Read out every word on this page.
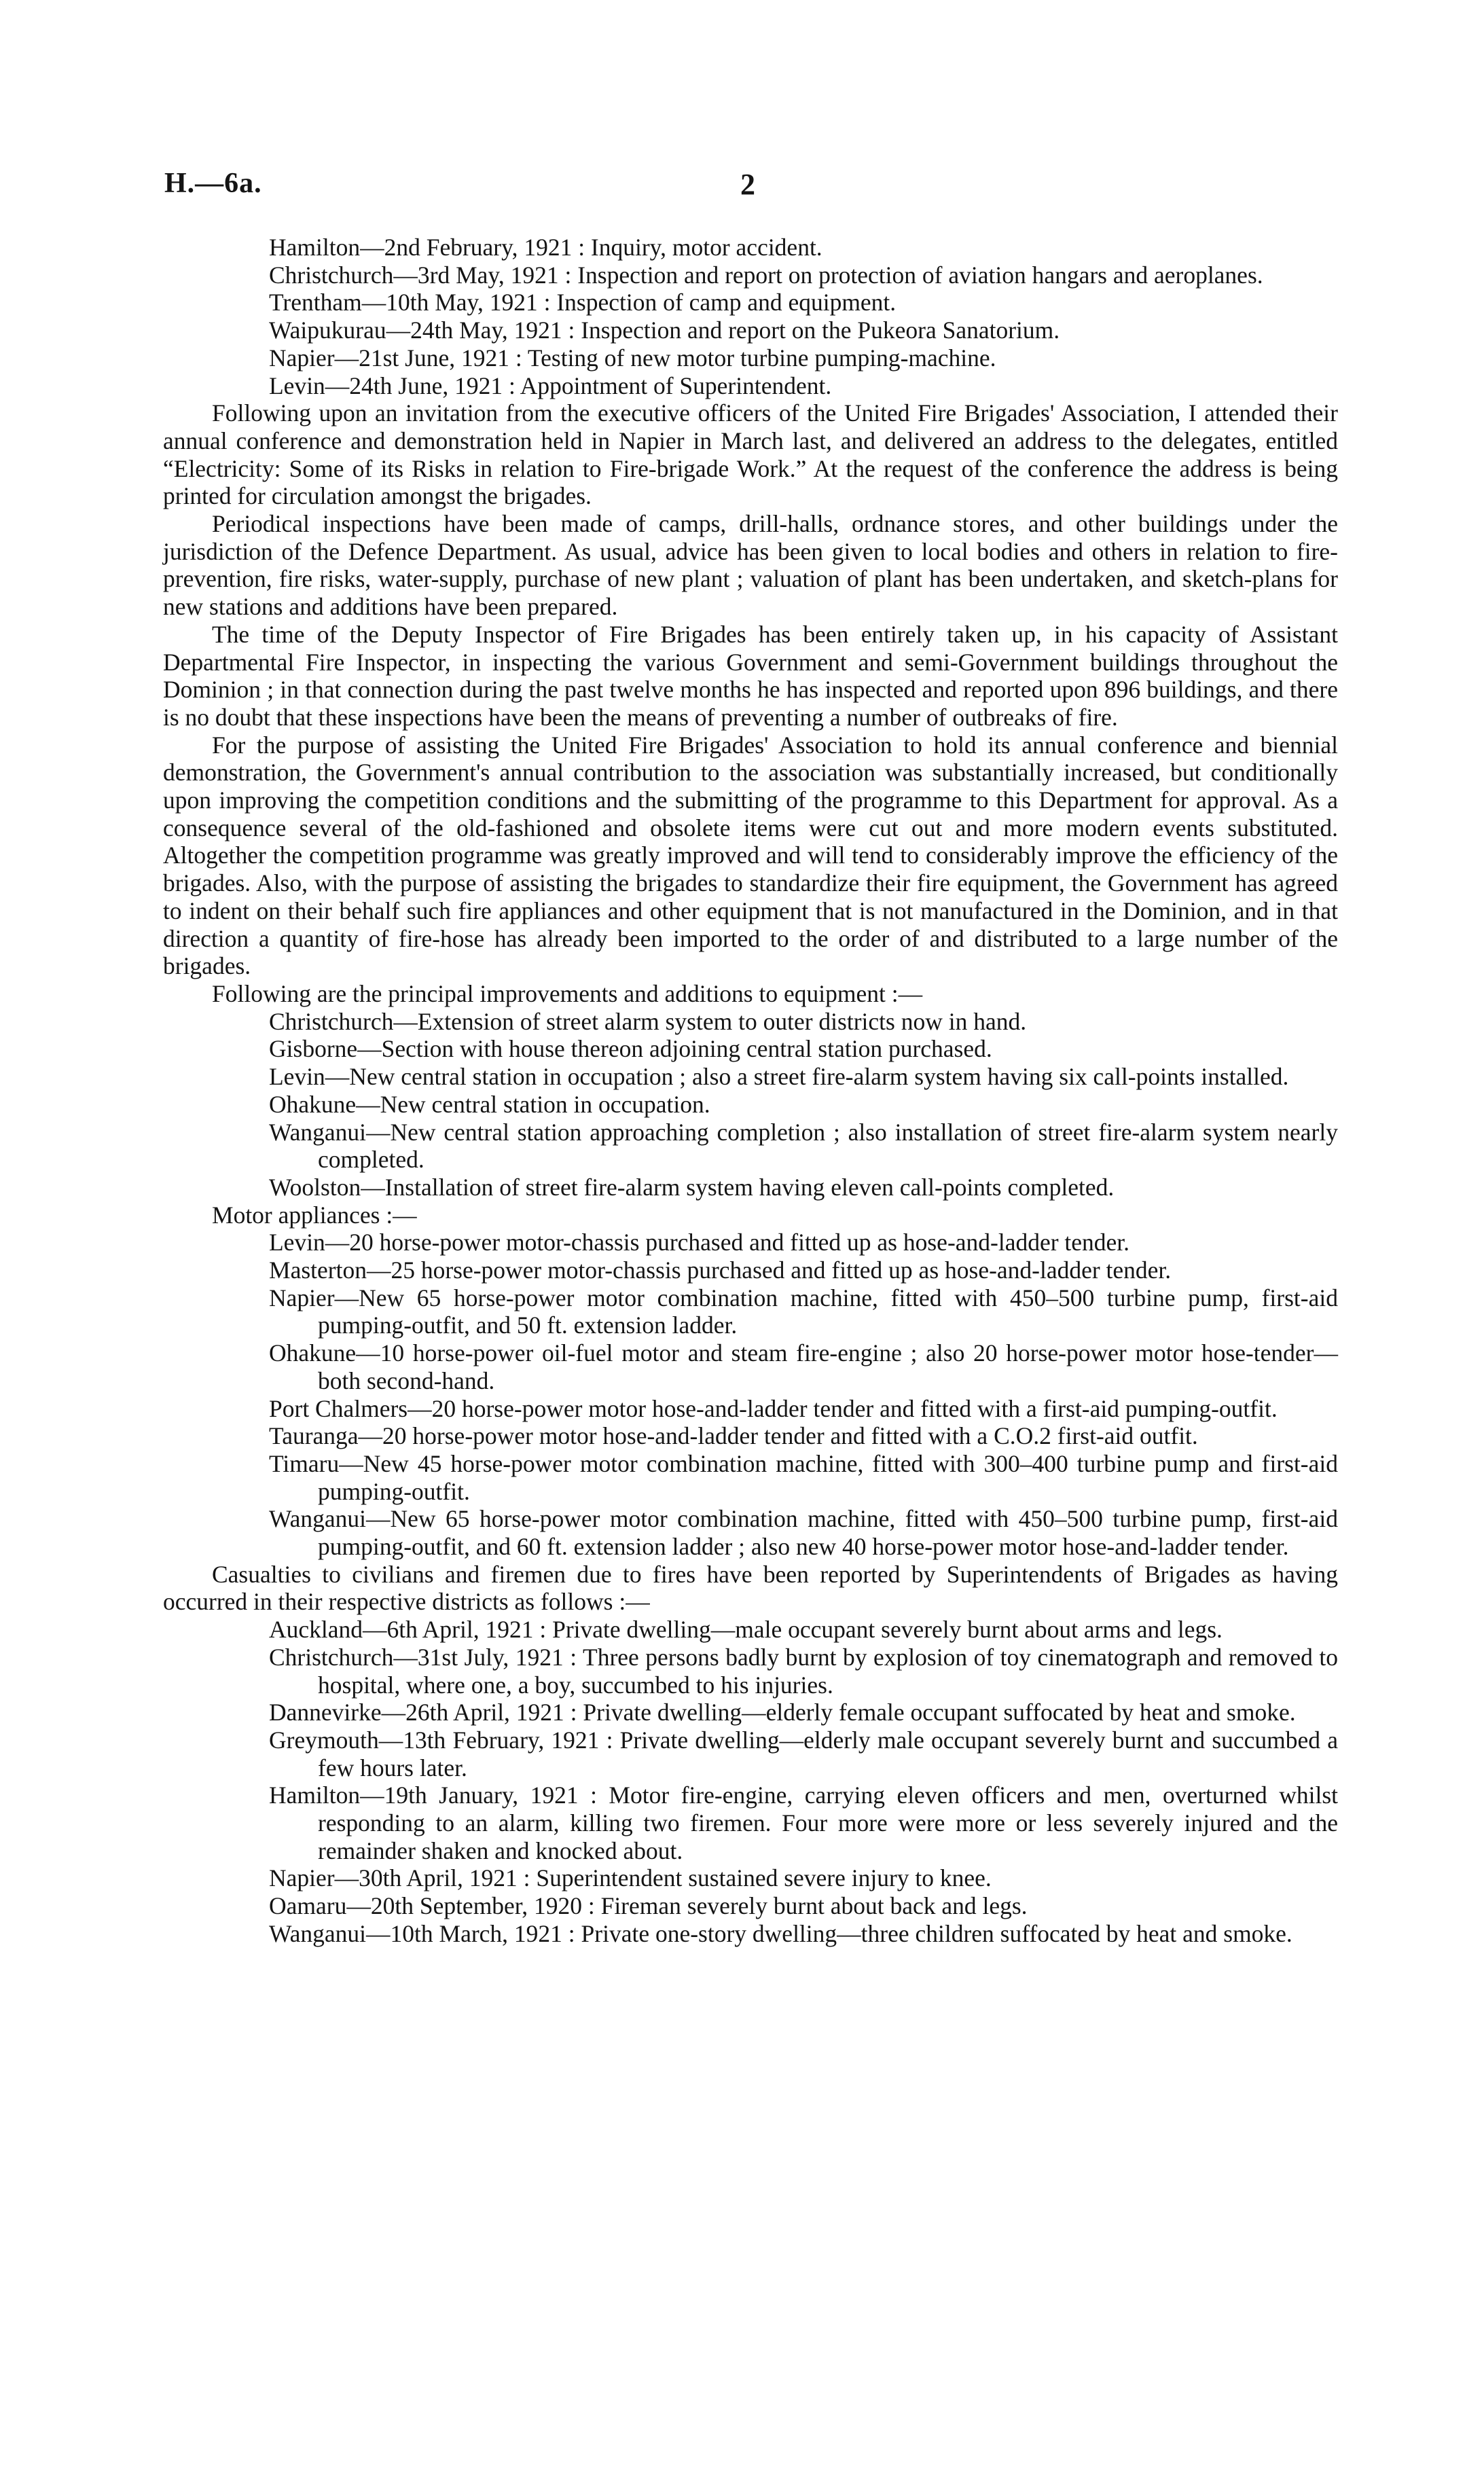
H.—6a.	2

Hamilton—2nd February, 1921 : Inquiry, motor accident.

Christchurch—3rd May, 1921 : Inspection and report on protection of aviation hangars and aeroplanes.

Trentham—10th May, 1921 : Inspection of camp and equipment.

Waipukurau—24th May, 1921 : Inspection and report on the Pukeora Sanatorium.

Napier—21st June, 1921 : Testing of new motor turbine pumping-machine.

Levin—24th June, 1921 : Appointment of Superintendent.

Following upon an invitation from the executive officers of the United Fire Brigades' Association, I attended their annual conference and demonstration held in Napier in March last, and delivered an address to the delegates, entitled “Electricity: Some of its Risks in relation to Fire-brigade Work.” At the request of the conference the address is being printed for circulation amongst the brigades.

Periodical inspections have been made of camps, drill-halls, ordnance stores, and other buildings under the jurisdiction of the Defence Department. As usual, advice has been given to local bodies and others in relation to fire-prevention, fire risks, water-supply, purchase of new plant ; valuation of plant has been undertaken, and sketch-plans for new stations and additions have been prepared.

The time of the Deputy Inspector of Fire Brigades has been entirely taken up, in his capacity of Assistant Departmental Fire Inspector, in inspecting the various Government and semi-Government buildings throughout the Dominion ; in that connection during the past twelve months he has inspected and reported upon 896 buildings, and there is no doubt that these inspections have been the means of preventing a number of outbreaks of fire.

For the purpose of assisting the United Fire Brigades' Association to hold its annual conference and biennial demonstration, the Government's annual contribution to the association was substantially increased, but conditionally upon improving the competition conditions and the submitting of the programme to this Department for approval. As a consequence several of the old-fashioned and obsolete items were cut out and more modern events substituted. Altogether the competition programme was greatly improved and will tend to considerably improve the efficiency of the brigades. Also, with the purpose of assisting the brigades to standardize their fire equipment, the Government has agreed to indent on their behalf such fire appliances and other equipment that is not manufactured in the Dominion, and in that direction a quantity of fire-hose has already been imported to the order of and distributed to a large number of the brigades.

Following are the principal improvements and additions to equipment :—

Christchurch—Extension of street alarm system to outer districts now in hand.

Gisborne—Section with house thereon adjoining central station purchased.

Levin—New central station in occupation ; also a street fire-alarm system having six call-points installed.

Ohakune—New central station in occupation.

Wanganui—New central station approaching completion ; also installation of street fire-alarm system nearly completed.

Woolston—Installation of street fire-alarm system having eleven call-points completed.

Motor appliances :—

Levin—20 horse-power motor-chassis purchased and fitted up as hose-and-ladder tender.

Masterton—25 horse-power motor-chassis purchased and fitted up as hose-and-ladder tender.

Napier—New 65 horse-power motor combination machine, fitted with 450–500 turbine pump, first-aid pumping-outfit, and 50 ft. extension ladder.

Ohakune—10 horse-power oil-fuel motor and steam fire-engine ; also 20 horse-power motor hose-tender—both second-hand.

Port Chalmers—20 horse-power motor hose-and-ladder tender and fitted with a first-aid pumping-outfit.

Tauranga—20 horse-power motor hose-and-ladder tender and fitted with a C.O.2 first-aid outfit.

Timaru—New 45 horse-power motor combination machine, fitted with 300–400 turbine pump and first-aid pumping-outfit.

Wanganui—New 65 horse-power motor combination machine, fitted with 450–500 turbine pump, first-aid pumping-outfit, and 60 ft. extension ladder ; also new 40 horse-power motor hose-and-ladder tender.

Casualties to civilians and firemen due to fires have been reported by Superintendents of Brigades as having occurred in their respective districts as follows :—

Auckland—6th April, 1921 : Private dwelling—male occupant severely burnt about arms and legs.

Christchurch—31st July, 1921 : Three persons badly burnt by explosion of toy cinematograph and removed to hospital, where one, a boy, succumbed to his injuries.

Dannevirke—26th April, 1921 : Private dwelling—elderly female occupant suffocated by heat and smoke.

Greymouth—13th February, 1921 : Private dwelling—elderly male occupant severely burnt and succumbed a few hours later.

Hamilton—19th January, 1921 : Motor fire-engine, carrying eleven officers and men, overturned whilst responding to an alarm, killing two firemen. Four more were more or less severely injured and the remainder shaken and knocked about.

Napier—30th April, 1921 : Superintendent sustained severe injury to knee.

Oamaru—20th September, 1920 : Fireman severely burnt about back and legs.

Wanganui—10th March, 1921 : Private one-story dwelling—three children suffocated by heat and smoke.
